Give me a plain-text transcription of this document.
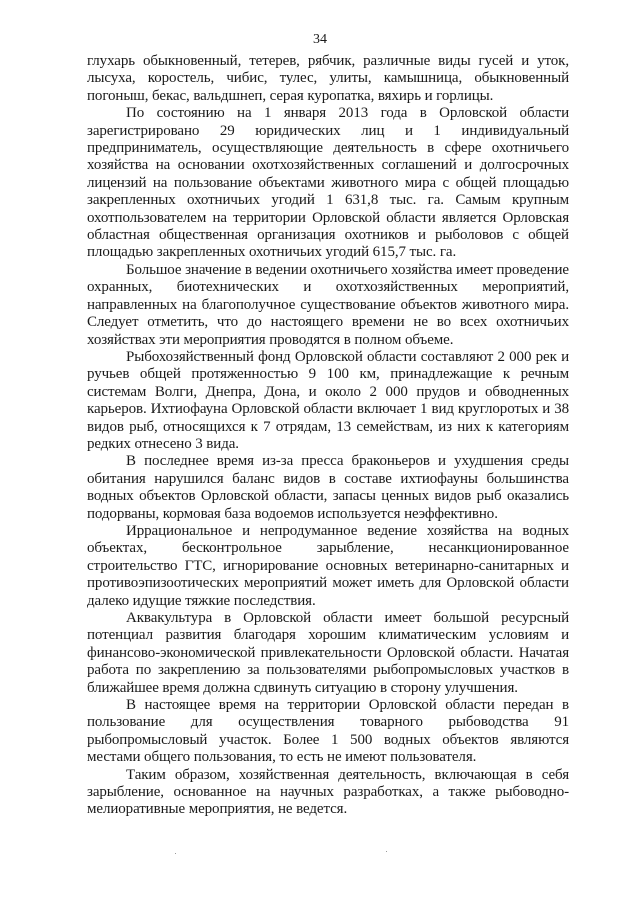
34

глухарь обыкновенный, тетерев, рябчик, различные виды гусей и уток, лысуха, коростель, чибис, тулес, улиты, камышница, обыкновенный погоныш, бекас, вальдшнеп, серая куропатка, вяхирь и горлицы.

По состоянию на 1 января 2013 года в Орловской области зарегистрировано 29 юридических лиц и 1 индивидуальный предприниматель, осуществляющие деятельность в сфере охотничьего хозяйства на основании охотхозяйственных соглашений и долгосрочных лицензий на пользование объектами животного мира с общей площадью закрепленных охотничьих угодий 1 631,8 тыс. га. Самым крупным охотпользователем на территории Орловской области является Орловская областная общественная организация охотников и рыболовов с общей площадью закрепленных охотничьих угодий 615,7 тыс. га.

Большое значение в ведении охотничьего хозяйства имеет проведение охранных, биотехнических и охотхозяйственных мероприятий, направленных на благополучное существование объектов животного мира. Следует отметить, что до настоящего времени не во всех охотничьих хозяйствах эти мероприятия проводятся в полном объеме.

Рыбохозяйственный фонд Орловской области составляют 2 000 рек и ручьев общей протяженностью 9 100 км, принадлежащие к речным системам Волги, Днепра, Дона, и около 2 000 прудов и обводненных карьеров. Ихтиофауна Орловской области включает 1 вид круглоротых и 38 видов рыб, относящихся к 7 отрядам, 13 семействам, из них к категориям редких отнесено 3 вида.

В последнее время из-за пресса браконьеров и ухудшения среды обитания нарушился баланс видов в составе ихтиофауны большинства водных объектов Орловской области, запасы ценных видов рыб оказались подорваны, кормовая база водоемов используется неэффективно.

Иррациональное и непродуманное ведение хозяйства на водных объектах, бесконтрольное зарыбление, несанкционированное строительство ГТС, игнорирование основных ветеринарно-санитарных и противоэпизоотических мероприятий может иметь для Орловской области далеко идущие тяжкие последствия.

Аквакультура в Орловской области имеет большой ресурсный потенциал развития благодаря хорошим климатическим условиям и финансово-экономической привлекательности Орловской области. Начатая работа по закреплению за пользователями рыбопромысловых участков в ближайшее время должна сдвинуть ситуацию в сторону улучшения.

В настоящее время на территории Орловской области передан в пользование для осуществления товарного рыбоводства 91 рыбопромысловый участок. Более 1 500 водных объектов являются местами общего пользования, то есть не имеют пользователя.

Таким образом, хозяйственная деятельность, включающая в себя зарыбление, основанное на научных разработках, а также рыбоводно-мелиоративные мероприятия, не ведется.
